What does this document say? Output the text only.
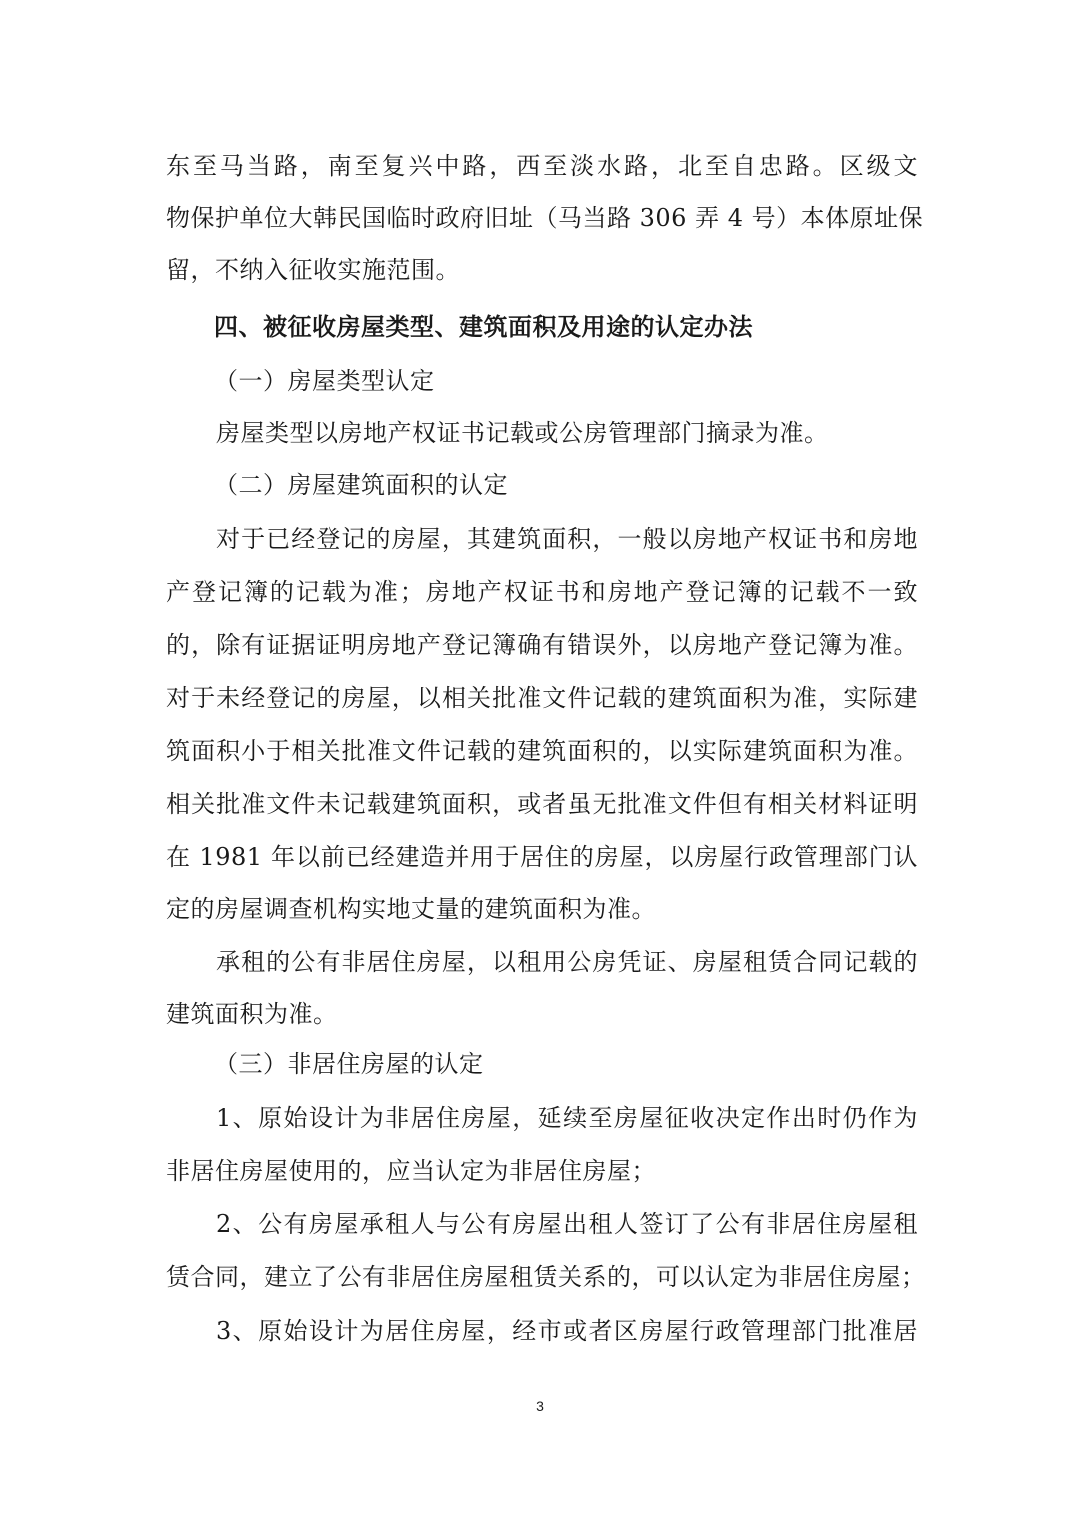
东至马当路，南至复兴中路，西至淡水路，北至自忠路。区级文
物保护单位大韩民国临时政府旧址（马当路 306 弄 4 号）本体原址保
留，不纳入征收实施范围。
四、被征收房屋类型、建筑面积及用途的认定办法
（一）房屋类型认定
房屋类型以房地产权证书记载或公房管理部门摘录为准。
（二）房屋建筑面积的认定
对于已经登记的房屋，其建筑面积，一般以房地产权证书和房地
产登记簿的记载为准；房地产权证书和房地产登记簿的记载不一致
的，除有证据证明房地产登记簿确有错误外，以房地产登记簿为准。
对于未经登记的房屋，以相关批准文件记载的建筑面积为准，实际建
筑面积小于相关批准文件记载的建筑面积的，以实际建筑面积为准。
相关批准文件未记载建筑面积，或者虽无批准文件但有相关材料证明
在 1981 年以前已经建造并用于居住的房屋，以房屋行政管理部门认
定的房屋调查机构实地丈量的建筑面积为准。
承租的公有非居住房屋，以租用公房凭证、房屋租赁合同记载的
建筑面积为准。
（三）非居住房屋的认定
1、原始设计为非居住房屋，延续至房屋征收决定作出时仍作为
非居住房屋使用的，应当认定为非居住房屋；
2、公有房屋承租人与公有房屋出租人签订了公有非居住房屋租
赁合同，建立了公有非居住房屋租赁关系的，可以认定为非居住房屋；
3、原始设计为居住房屋，经市或者区房屋行政管理部门批准居
3
